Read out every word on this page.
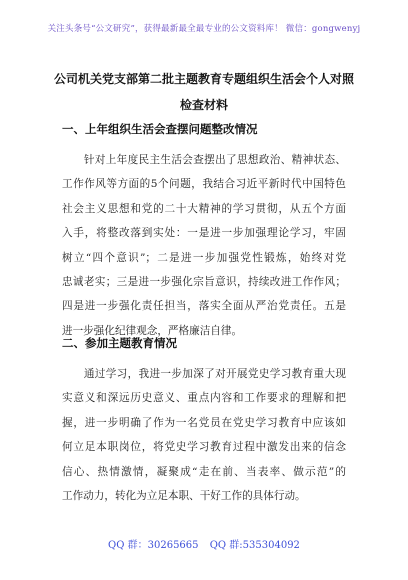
关注头条号“公文研究”，获得最新最全最专业的公文资料库！ 微信：gongwenyj
公司机关党支部第二批主题教育专题组织生活会个人对照
检查材料
一、上年组织生活会查摆问题整改情况
　　针对上年度民主生活会查摆出了思想政治、精神状态、
工作作风等方面的5个问题，我结合习近平新时代中国特色
社会主义思想和党的二十大精神的学习贯彻，从五个方面
入手，将整改落到实处：一是进一步加强理论学习，牢固
树立“四个意识”；二是进一步加强党性锻炼，始终对党
忠诚老实；三是进一步强化宗旨意识，持续改进工作作风；
四是进一步强化责任担当，落实全面从严治党责任。五是
进一步强化纪律观念，严格廉洁自律。
二、参加主题教育情况
　　通过学习，我进一步加深了对开展党史学习教育重大现
实意义和深远历史意义、重点内容和工作要求的理解和把
握，进一步明确了作为一名党员在党史学习教育中应该如
何立足本职岗位，将党史学习教育过程中激发出来的信念
信心、热情激情，凝聚成“走在前、当表率、做示范”的
工作动力，转化为立足本职、干好工作的具体行动。
QQ 群：30265665 QQ 群:535304092
